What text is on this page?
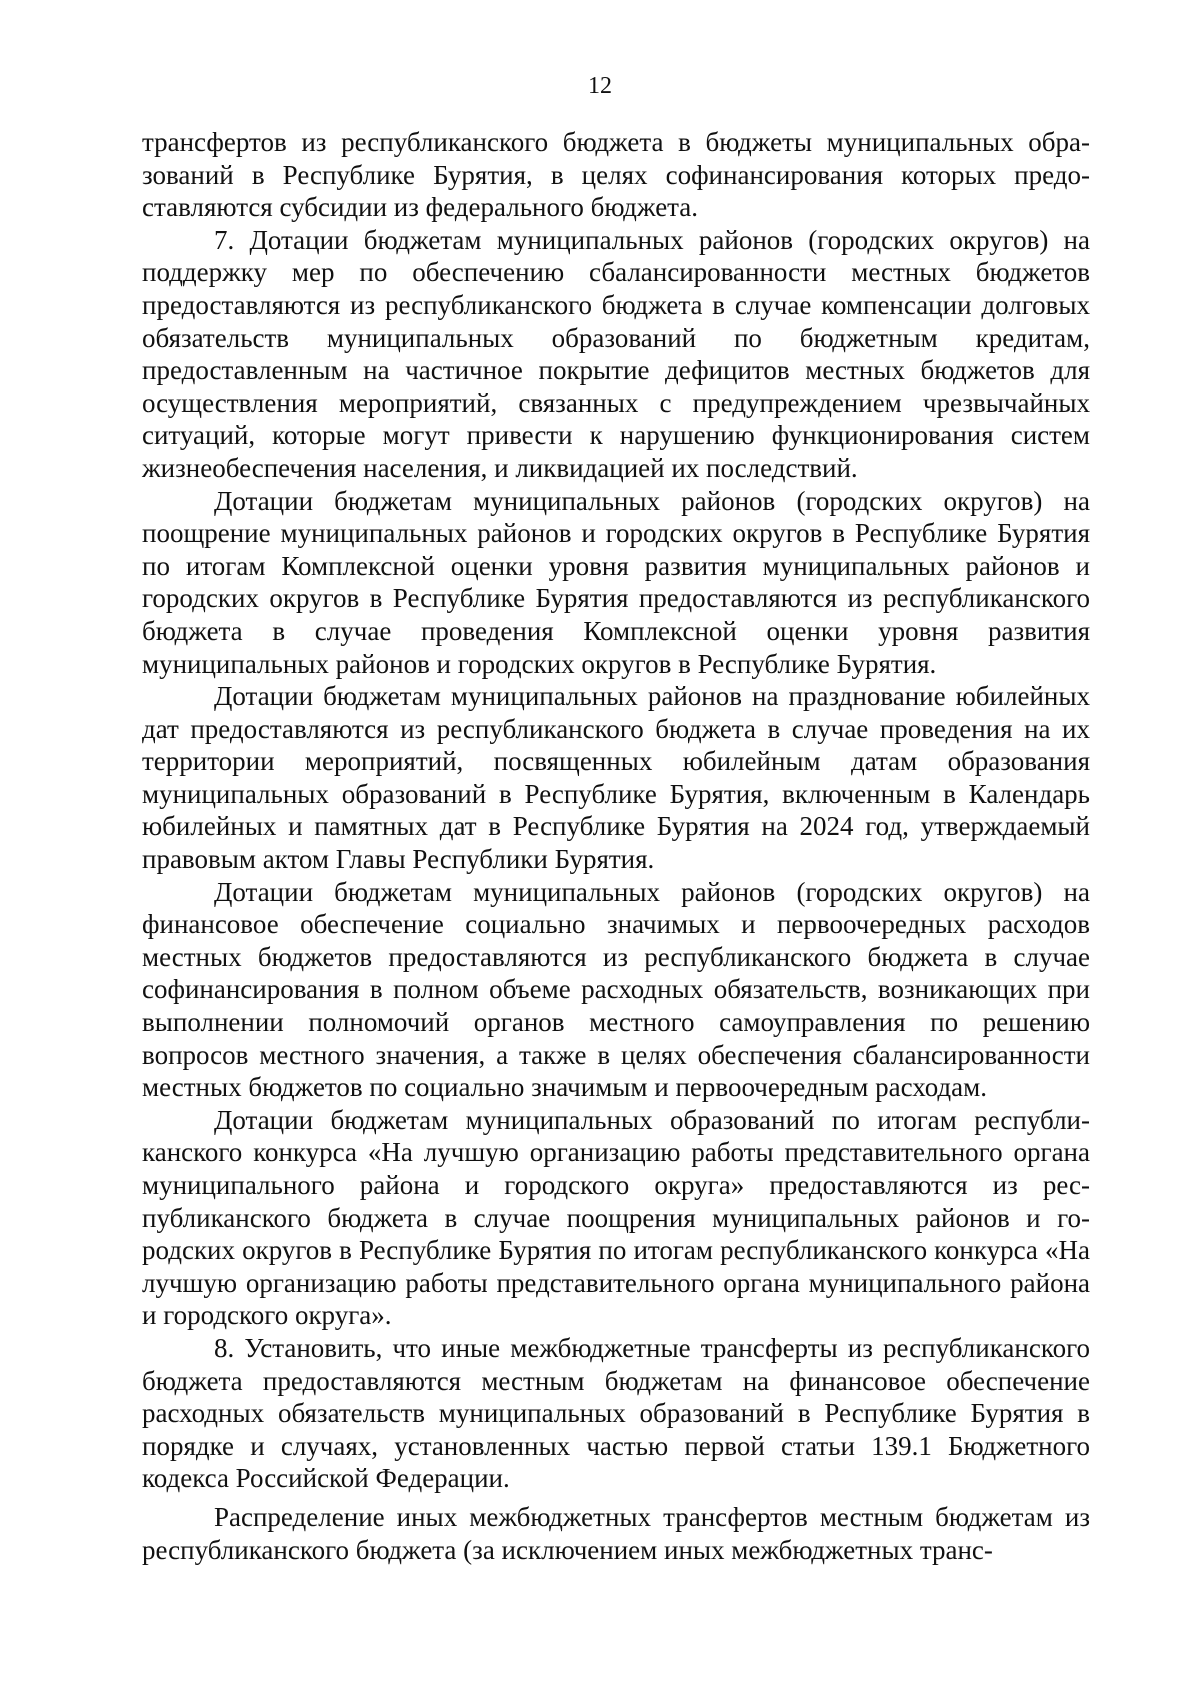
12

трансфертов из республиканского бюджета в бюджеты муниципальных образований в Республике Бурятия, в целях софинансирования которых предоставляются субсидии из федерального бюджета.

7. Дотации бюджетам муниципальных районов (городских округов) на поддержку мер по обеспечению сбалансированности местных бюджетов предоставляются из республиканского бюджета в случае компенсации долговых обязательств муниципальных образований по бюджетным кредитам, предоставленным на частичное покрытие дефицитов местных бюджетов для осуществления мероприятий, связанных с предупреждением чрезвычайных ситуаций, которые могут привести к нарушению функционирования систем жизнеобеспечения населения, и ликвидацией их последствий.

Дотации бюджетам муниципальных районов (городских округов) на поощрение муниципальных районов и городских округов в Республике Бурятия по итогам Комплексной оценки уровня развития муниципальных районов и городских округов в Республике Бурятия предоставляются из республиканского бюджета в случае проведения Комплексной оценки уровня развития муниципальных районов и городских округов в Республике Бурятия.

Дотации бюджетам муниципальных районов на празднование юбилейных дат предоставляются из республиканского бюджета в случае проведения на их территории мероприятий, посвященных юбилейным датам образования муниципальных образований в Республике Бурятия, включенным в Календарь юбилейных и памятных дат в Республике Бурятия на 2024 год, утверждаемый правовым актом Главы Республики Бурятия.

Дотации бюджетам муниципальных районов (городских округов) на финансовое обеспечение социально значимых и первоочередных расходов местных бюджетов предоставляются из республиканского бюджета в случае софинансирования в полном объеме расходных обязательств, возникающих при выполнении полномочий органов местного самоуправления по решению вопросов местного значения, а также в целях обеспечения сбалансированности местных бюджетов по социально значимым и первоочередным расходам.

Дотации бюджетам муниципальных образований по итогам республиканского конкурса «На лучшую организацию работы представительного органа муниципального района и городского округа» предоставляются из республиканского бюджета в случае поощрения муниципальных районов и городских округов в Республике Бурятия по итогам республиканского конкурса «На лучшую организацию работы представительного органа муниципального района и городского округа».

8. Установить, что иные межбюджетные трансферты из республиканского бюджета предоставляются местным бюджетам на финансовое обеспечение расходных обязательств муниципальных образований в Республике Бурятия в порядке и случаях, установленных частью первой статьи 139.1 Бюджетного кодекса Российской Федерации.

Распределение иных межбюджетных трансфертов местным бюджетам из республиканского бюджета (за исключением иных межбюджетных транс-
